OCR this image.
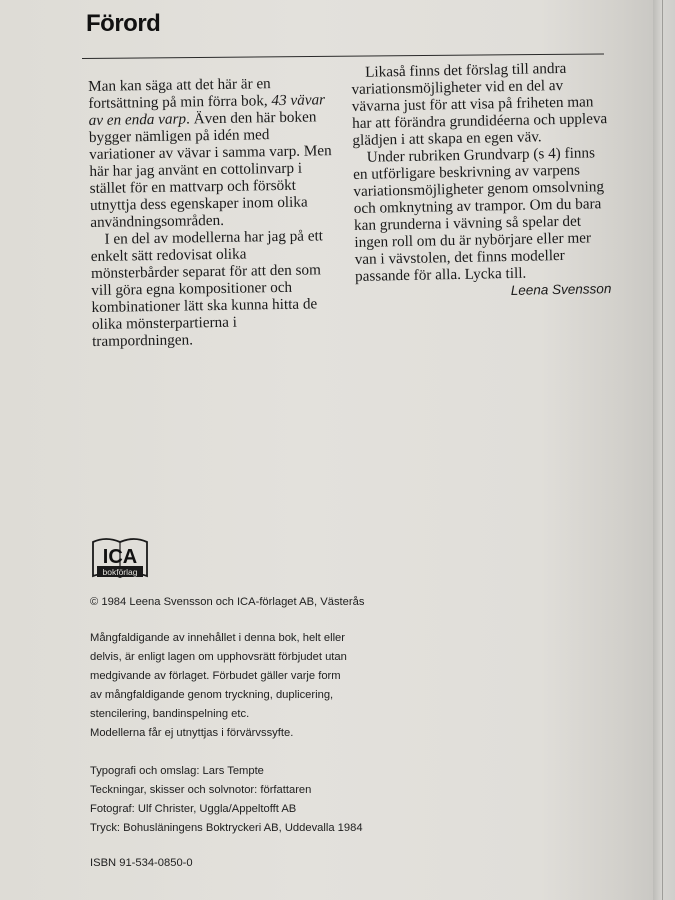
Förord

Man kan säga att det här är en fortsättning på min förra bok, 43 vävar av en enda varp. Även den här boken bygger nämligen på idén med variationer av vävar i samma varp. Men här har jag använt en cottolinvarp i stället för en mattvarp och försökt utnyttja dess egenskaper inom olika användningsområden.

I en del av modellerna har jag på ett enkelt sätt redovisat olika mönsterbårder separat för att den som vill göra egna kompositioner och kombinationer lätt ska kunna hitta de olika mönsterpartierna i trampordningen.

Likaså finns det förslag till andra variationsmöjligheter vid en del av vävarna just för att visa på friheten man har att förändra grundidéerna och uppleva glädjen i att skapa en egen väv.

Under rubriken Grundvarp (s 4) finns en utförligare beskrivning av varpens variationsmöjligheter genom omsolvning och omknytning av trampor. Om du bara kan grunderna i vävning så spelar det ingen roll om du är nybörjare eller mer van i vävstolen, det finns modeller passande för alla. Lycka till.

Leena Svensson

ICA
bokförlag
© 1984 Leena Svensson och ICA-förlaget AB, Västerås

Mångfaldigande av innehållet i denna bok, helt eller

delvis, är enligt lagen om upphovsrätt förbjudet utan

medgivande av förlaget. Förbudet gäller varje form

av mångfaldigande genom tryckning, duplicering,

stencilering, bandinspelning etc.

Modellerna får ej utnyttjas i förvärvssyfte.

Typografi och omslag: Lars Tempte

Teckningar, skisser och solvnotor: författaren

Fotograf: Ulf Christer, Uggla/Appeltofft AB

Tryck: Bohusläningens Boktryckeri AB, Uddevalla 1984

ISBN 91-534-0850-0
